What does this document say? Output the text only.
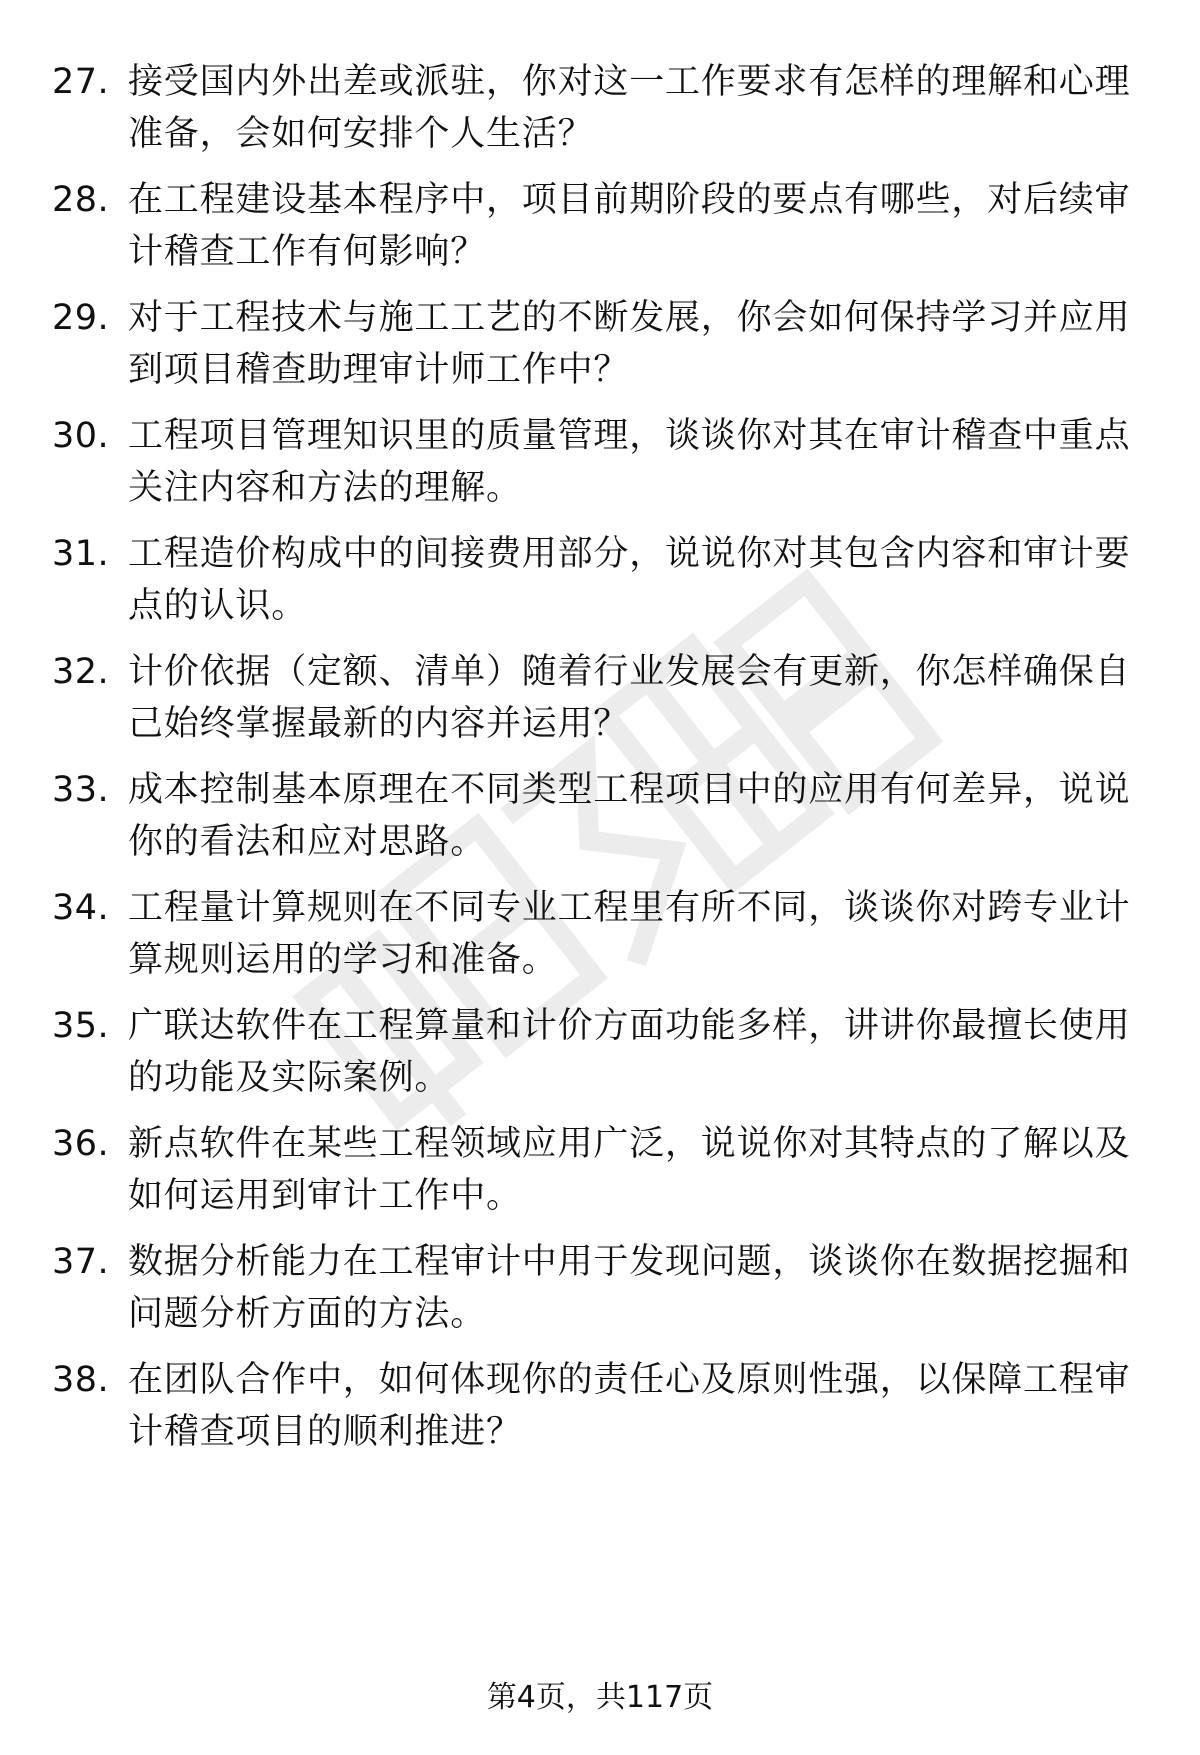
27. 接受国内外出差或派驻，你对这一工作要求有怎样的理解和心理准备，会如何安排个人生活？
28. 在工程建设基本程序中，项目前期阶段的要点有哪些，对后续审计稽查工作有何影响？
29. 对于工程技术与施工工艺的不断发展，你会如何保持学习并应用到项目稽查助理审计师工作中？
30. 工程项目管理知识里的质量管理，谈谈你对其在审计稽查中重点关注内容和方法的理解。
31. 工程造价构成中的间接费用部分，说说你对其包含内容和审计要点的认识。
32. 计价依据（定额、清单）随着行业发展会有更新，你怎样确保自己始终掌握最新的内容并运用？
33. 成本控制基本原理在不同类型工程项目中的应用有何差异，说说你的看法和应对思路。
34. 工程量计算规则在不同专业工程里有所不同，谈谈你对跨专业计算规则运用的学习和准备。
35. 广联达软件在工程算量和计价方面功能多样，讲讲你最擅长使用的功能及实际案例。
36. 新点软件在某些工程领域应用广泛，说说你对其特点的了解以及如何运用到审计工作中。
37. 数据分析能力在工程审计中用于发现问题，谈谈你在数据挖掘和问题分析方面的方法。
38. 在团队合作中，如何体现你的责任心及原则性强，以保障工程审计稽查项目的顺利推进？
第4页，共117页
